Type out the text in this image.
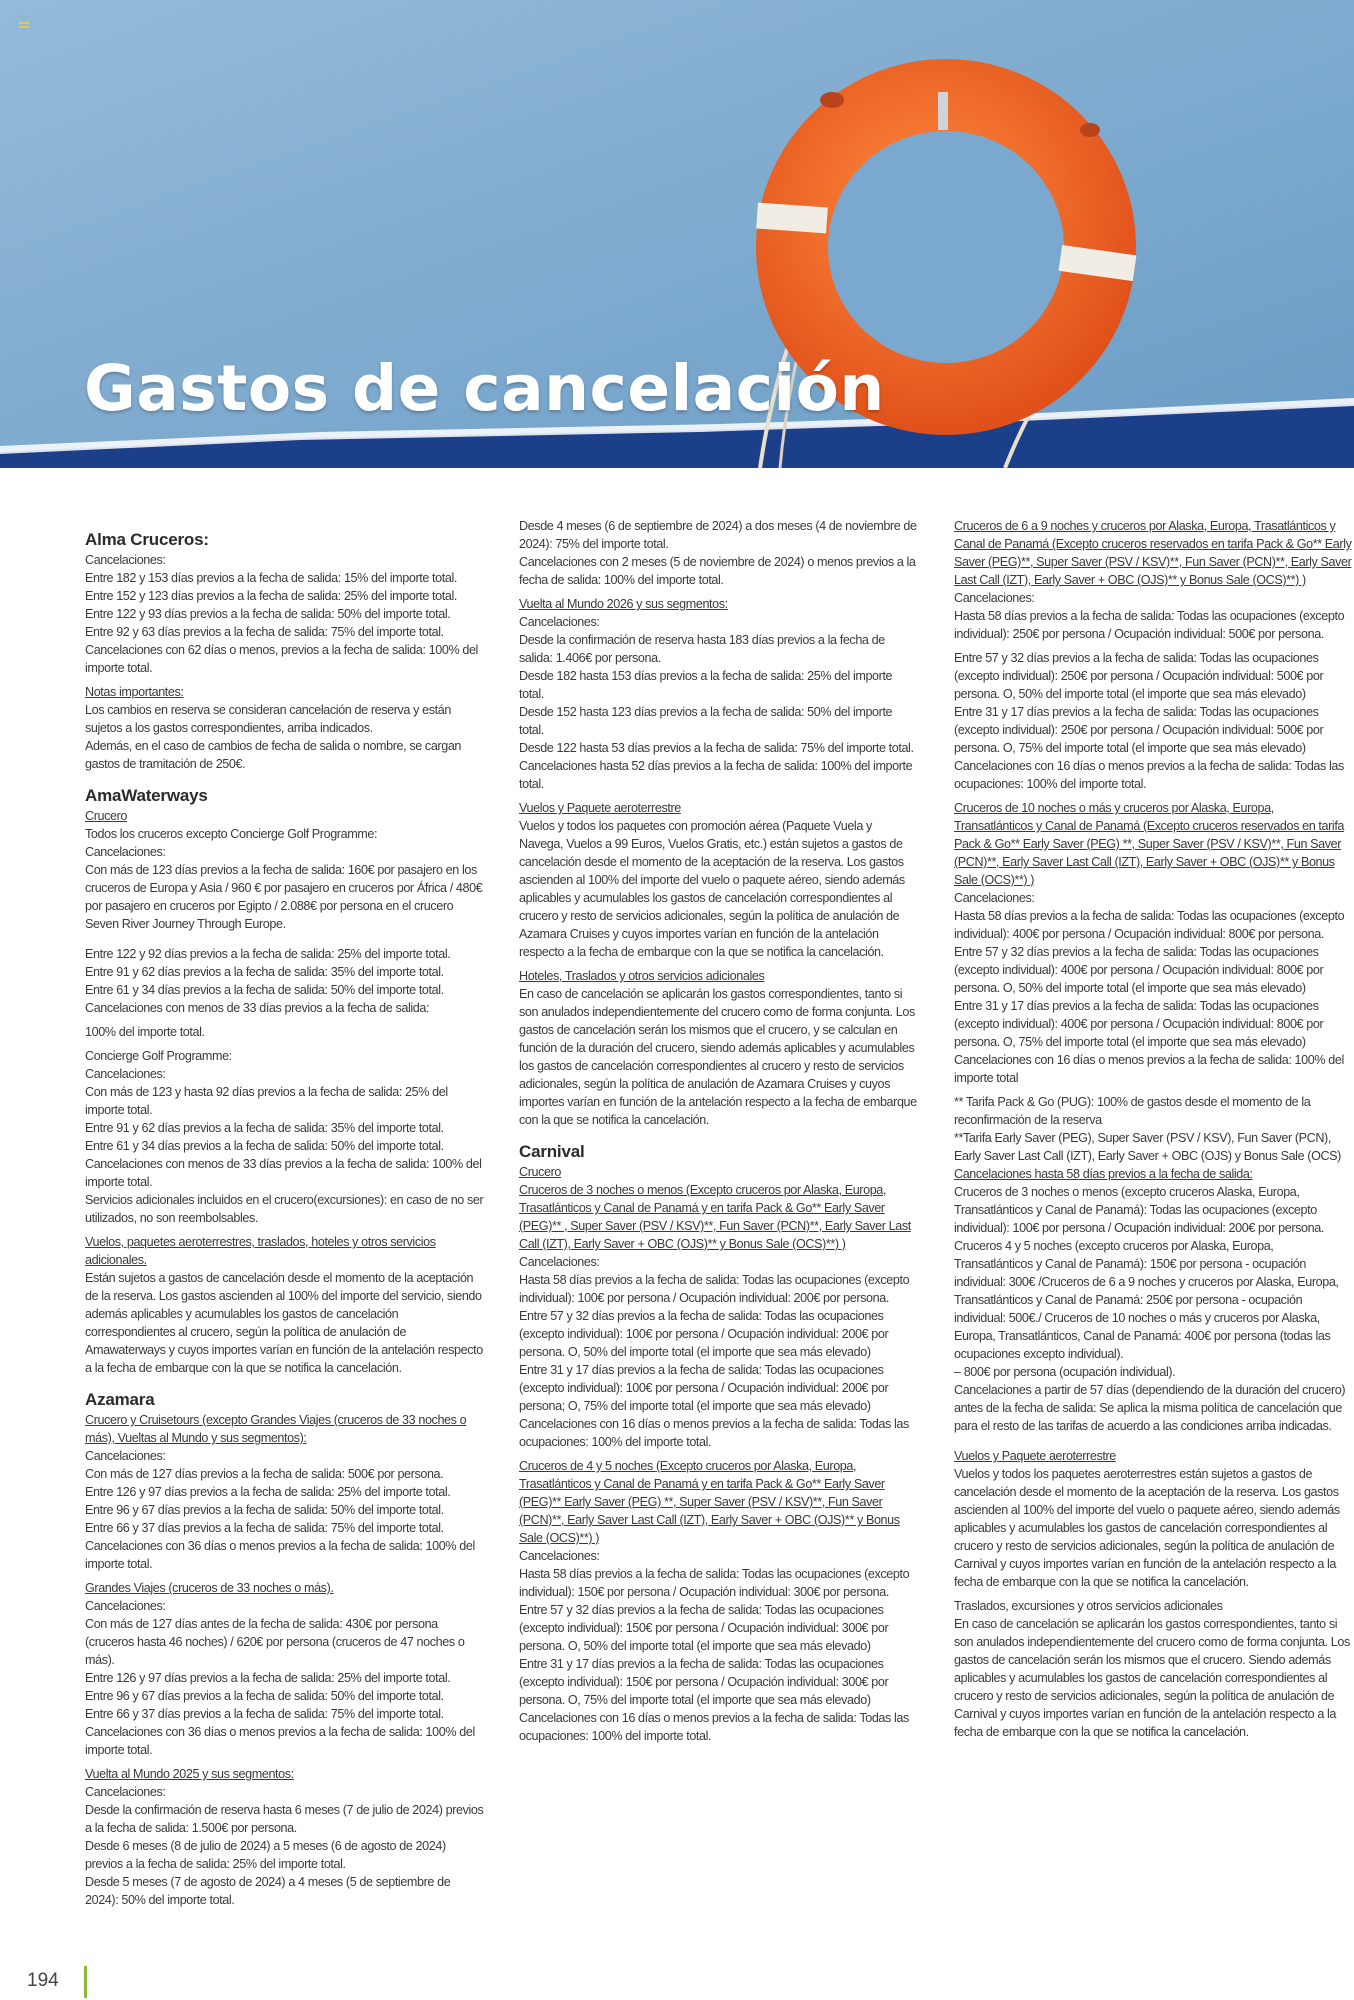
Gastos de cancelación

Alma Cruceros:

Cancelaciones:

Entre 182 y 153 días previos a la fecha de salida: 15% del importe total.

Entre 152 y 123 días previos a la fecha de salida: 25% del importe total.

Entre 122 y 93 días previos a la fecha de salida: 50% del importe total.

Entre 92 y 63 días previos a la fecha de salida: 75% del importe total.

Cancelaciones con 62 días o menos, previos a la fecha de salida: 100% del importe total.

Notas importantes:

Los cambios en reserva se consideran cancelación de reserva y están sujetos a los gastos correspondientes, arriba indicados.

Además, en el caso de cambios de fecha de salida o nombre, se cargan gastos de tramitación de 250€.

AmaWaterways

Crucero

Todos los cruceros excepto Concierge Golf Programme:

Cancelaciones:

Con más de 123 días previos a la fecha de salida: 160€ por pasajero en los cruceros de Europa y Asia / 960 € por pasajero en cruceros por África / 480€ por pasajero en cruceros por Egipto / 2.088€ por persona en el crucero Seven River Journey Through Europe.

Entre 122 y 92 días previos a la fecha de salida: 25% del importe total.

Entre 91 y 62 días previos a la fecha de salida: 35% del importe total.

Entre 61 y 34 días previos a la fecha de salida: 50% del importe total.

Cancelaciones con menos de 33 días previos a la fecha de salida:

100% del importe total.

Concierge Golf Programme:

Cancelaciones:

Con más de 123 y hasta 92 días previos a la fecha de salida: 25% del importe total.

Entre 91 y 62 días previos a la fecha de salida: 35% del importe total.

Entre 61 y 34 días previos a la fecha de salida: 50% del importe total.

Cancelaciones con menos de 33 días previos a la fecha de salida: 100% del importe total.

Servicios adicionales incluidos en el crucero(excursiones): en caso de no ser utilizados, no son reembolsables.

Vuelos, paquetes aeroterrestres, traslados, hoteles y otros servicios adicionales.

Están sujetos a gastos de cancelación desde el momento de la aceptación de la reserva. Los gastos ascienden al 100% del importe del servicio, siendo además aplicables y acumulables los gastos de cancelación correspondientes al crucero, según la política de anulación de Amawaterways y cuyos importes varían en función de la antelación respecto a la fecha de embarque con la que se notifica la cancelación.

Azamara

Crucero y Cruisetours (excepto Grandes Viajes (cruceros de 33 noches o más), Vueltas al Mundo y sus segmentos):

Cancelaciones:

Con más de 127 días previos a la fecha de salida: 500€ por persona.

Entre 126 y 97 días previos a la fecha de salida: 25% del importe total.

Entre 96 y 67 días previos a la fecha de salida: 50% del importe total.

Entre 66 y 37 días previos a la fecha de salida: 75% del importe total.

Cancelaciones con 36 días o menos previos a la fecha de salida: 100% del importe total.

Grandes Viajes (cruceros de 33 noches o más).

Cancelaciones:

Con más de 127 días antes de la fecha de salida: 430€ por persona (cruceros hasta 46 noches) / 620€ por persona (cruceros de 47 noches o más).

Entre 126 y 97 días previos a la fecha de salida: 25% del importe total.

Entre 96 y 67 días previos a la fecha de salida: 50% del importe total.

Entre 66 y 37 días previos a la fecha de salida: 75% del importe total.

Cancelaciones con 36 días o menos previos a la fecha de salida: 100% del importe total.

Vuelta al Mundo 2025 y sus segmentos:

Cancelaciones:

Desde la confirmación de reserva hasta 6 meses (7 de julio de 2024) previos a la fecha de salida: 1.500€ por persona.

Desde 6 meses (8 de julio de 2024) a 5 meses (6 de agosto de 2024) previos a la fecha de salida: 25% del importe total.

Desde 5 meses (7 de agosto de 2024) a 4 meses (5 de septiembre de 2024): 50% del importe total.

Desde 4 meses (6 de septiembre de 2024) a dos meses (4 de noviembre de 2024): 75% del importe total.

Cancelaciones con 2 meses (5 de noviembre de 2024) o menos previos a la fecha de salida: 100% del importe total.

Vuelta al Mundo 2026 y sus segmentos:

Cancelaciones:

Desde la confirmación de reserva hasta 183 días previos a la fecha de salida: 1.406€ por persona.

Desde 182 hasta 153 días previos a la fecha de salida: 25% del importe total.

Desde 152 hasta 123 días previos a la fecha de salida: 50% del importe total.

Desde 122 hasta 53 días previos a la fecha de salida: 75% del importe total.

Cancelaciones hasta 52 días previos a la fecha de salida: 100% del importe total.

Vuelos y Paquete aeroterrestre

Vuelos y todos los paquetes con promoción aérea (Paquete Vuela y Navega, Vuelos a 99 Euros, Vuelos Gratis, etc.) están sujetos a gastos de cancelación desde el momento de la aceptación de la reserva. Los gastos ascienden al 100% del importe del vuelo o paquete aéreo, siendo además aplicables y acumulables los gastos de cancelación correspondientes al crucero y resto de servicios adicionales, según la política de anulación de Azamara Cruises y cuyos importes varían en función de la antelación respecto a la fecha de embarque con la que se notifica la cancelación.

Hoteles, Traslados y otros servicios adicionales

En caso de cancelación se aplicarán los gastos correspondientes, tanto si son anulados independientemente del crucero como de forma conjunta. Los gastos de cancelación serán los mismos que el crucero, y se calculan en función de la duración del crucero, siendo además aplicables y acumulables los gastos de cancelación correspondientes al crucero y resto de servicios adicionales, según la política de anulación de Azamara Cruises y cuyos importes varían en función de la antelación respecto a la fecha de embarque con la que se notifica la cancelación.

Carnival

Crucero

Cruceros de 3 noches o menos (Excepto cruceros por Alaska, Europa, Trasatlánticos y Canal de Panamá y en tarifa Pack & Go** Early Saver (PEG)** , Super Saver (PSV / KSV)**, Fun Saver (PCN)**, Early Saver Last Call (IZT), Early Saver + OBC (OJS)** y Bonus Sale (OCS)**) )

Cancelaciones:

Hasta 58 días previos a la fecha de salida: Todas las ocupaciones (excepto individual): 100€ por persona / Ocupación individual: 200€ por persona.

Entre 57 y 32 días previos a la fecha de salida: Todas las ocupaciones (excepto individual): 100€ por persona / Ocupación individual: 200€ por persona. O, 50% del importe total (el importe que sea más elevado)

Entre 31 y 17 días previos a la fecha de salida: Todas las ocupaciones (excepto individual): 100€ por persona / Ocupación individual: 200€ por persona; O, 75% del importe total (el importe que sea más elevado)

Cancelaciones con 16 días o menos previos a la fecha de salida: Todas las ocupaciones: 100% del importe total.

Cruceros de 4 y 5 noches (Excepto cruceros por Alaska, Europa, Trasatlánticos y Canal de Panamá y en tarifa Pack & Go** Early Saver (PEG)** Early Saver (PEG) **, Super Saver (PSV / KSV)**, Fun Saver (PCN)**, Early Saver Last Call (IZT), Early Saver + OBC (OJS)** y Bonus Sale (OCS)**) )

Cancelaciones:

Hasta 58 días previos a la fecha de salida: Todas las ocupaciones (excepto individual): 150€ por persona / Ocupación individual: 300€ por persona.

Entre 57 y 32 días previos a la fecha de salida: Todas las ocupaciones (excepto individual): 150€ por persona / Ocupación individual: 300€ por persona. O, 50% del importe total (el importe que sea más elevado)

Entre 31 y 17 días previos a la fecha de salida: Todas las ocupaciones (excepto individual): 150€ por persona / Ocupación individual: 300€ por persona. O, 75% del importe total (el importe que sea más elevado)

Cancelaciones con 16 días o menos previos a la fecha de salida: Todas las ocupaciones: 100% del importe total.

Cruceros de 6 a 9 noches y cruceros por Alaska, Europa, Trasatlánticos y Canal de Panamá (Excepto cruceros reservados en tarifa Pack & Go** Early Saver (PEG)**, Super Saver (PSV / KSV)**, Fun Saver (PCN)**, Early Saver Last Call (IZT), Early Saver + OBC (OJS)** y Bonus Sale (OCS)**) )

Cancelaciones:

Hasta 58 días previos a la fecha de salida: Todas las ocupaciones (excepto individual): 250€ por persona / Ocupación individual: 500€ por persona.

Entre 57 y 32 días previos a la fecha de salida: Todas las ocupaciones (excepto individual): 250€ por persona / Ocupación individual: 500€ por persona. O, 50% del importe total (el importe que sea más elevado)

Entre 31 y 17 días previos a la fecha de salida: Todas las ocupaciones (excepto individual): 250€ por persona / Ocupación individual: 500€ por persona. O, 75% del importe total (el importe que sea más elevado)

Cancelaciones con 16 días o menos previos a la fecha de salida: Todas las ocupaciones: 100% del importe total.

Cruceros de 10 noches o más y cruceros por Alaska, Europa, Transatlánticos y Canal de Panamá (Excepto cruceros reservados en tarifa Pack & Go** Early Saver (PEG) **, Super Saver (PSV / KSV)**, Fun Saver (PCN)**, Early Saver Last Call (IZT), Early Saver + OBC (OJS)** y Bonus Sale (OCS)**) )

Cancelaciones:

Hasta 58 días previos a la fecha de salida: Todas las ocupaciones (excepto individual): 400€ por persona / Ocupación individual: 800€ por persona.

Entre 57 y 32 días previos a la fecha de salida: Todas las ocupaciones (excepto individual): 400€ por persona / Ocupación individual: 800€ por persona. O, 50% del importe total (el importe que sea más elevado)

Entre 31 y 17 días previos a la fecha de salida: Todas las ocupaciones (excepto individual): 400€ por persona / Ocupación individual: 800€ por persona. O, 75% del importe total (el importe que sea más elevado)

Cancelaciones con 16 días o menos previos a la fecha de salida: 100% del importe total

** Tarifa Pack & Go (PUG): 100% de gastos desde el momento de la reconfirmación de la reserva

**Tarifa Early Saver (PEG), Super Saver (PSV / KSV), Fun Saver (PCN), Early Saver Last Call (IZT), Early Saver + OBC (OJS) y Bonus Sale (OCS)

Cancelaciones hasta 58 días previos a la fecha de salida:

Cruceros de 3 noches o menos (excepto cruceros Alaska, Europa, Transatlánticos y Canal de Panamá): Todas las ocupaciones (excepto individual): 100€ por persona / Ocupación individual: 200€ por persona. Cruceros 4 y 5 noches (excepto cruceros por Alaska, Europa, Transatlánticos y Canal de Panamá): 150€ por persona - ocupación individual: 300€ /Cruceros de 6 a 9 noches y cruceros por Alaska, Europa, Transatlánticos y Canal de Panamá: 250€ por persona - ocupación individual: 500€./ Cruceros de 10 noches o más y cruceros por Alaska, Europa, Transatlánticos, Canal de Panamá: 400€ por persona (todas las ocupaciones excepto individual).

– 800€ por persona (ocupación individual).

Cancelaciones a partir de 57 días (dependiendo de la duración del crucero) antes de la fecha de salida: Se aplica la misma política de cancelación que para el resto de las tarifas de acuerdo a las condiciones arriba indicadas.

Vuelos y Paquete aeroterrestre

Vuelos y todos los paquetes aeroterrestres están sujetos a gastos de cancelación desde el momento de la aceptación de la reserva. Los gastos ascienden al 100% del importe del vuelo o paquete aéreo, siendo además aplicables y acumulables los gastos de cancelación correspondientes al crucero y resto de servicios adicionales, según la política de anulación de Carnival y cuyos importes varían en función de la antelación respecto a la fecha de embarque con la que se notifica la cancelación.

Traslados, excursiones y otros servicios adicionales

En caso de cancelación se aplicarán los gastos correspondientes, tanto si son anulados independientemente del crucero como de forma conjunta. Los gastos de cancelación serán los mismos que el crucero. Siendo además aplicables y acumulables los gastos de cancelación correspondientes al crucero y resto de servicios adicionales, según la política de anulación de Carnival y cuyos importes varían en función de la antelación respecto a la fecha de embarque con la que se notifica la cancelación.

194
